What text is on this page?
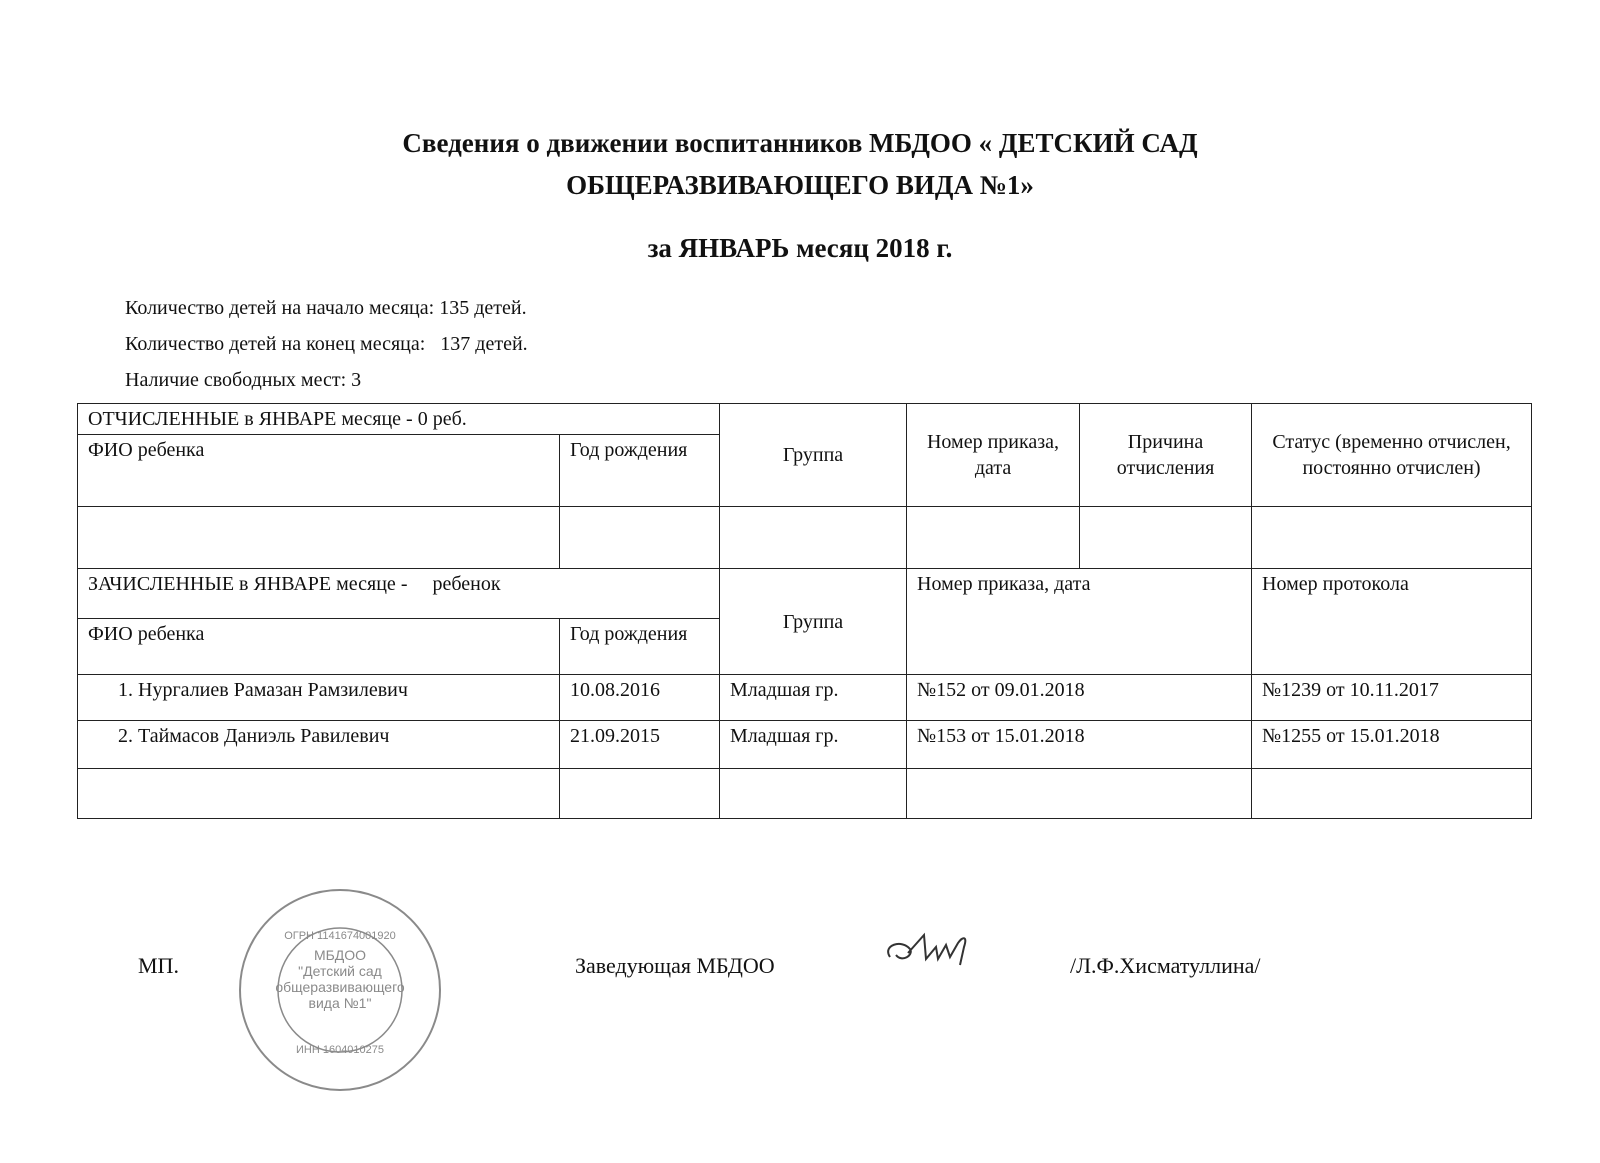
Сведения о движении воспитанников МБДОО « ДЕТСКИЙ САД
ОБЩЕРАЗВИВАЮЩЕГО ВИДА №1»
за ЯНВАРЬ месяц 2018 г.
Количество детей на начало месяца: 135 детей.
Количество детей на конец месяца:   137 детей.
Наличие свободных мест: 3
ОТЧИСЛЕННЫЕ в ЯНВАРЕ месяце - 0 реб.		Группа	Номер приказа, дата	Причина отчисления	Статус (временно отчислен, постоянно отчислен)
ФИО ребенка	Год рождения				

ЗАЧИСЛЕННЫЕ в ЯНВАРЕ месяце -     ребенок		Группа	Номер приказа, дата		Номер протокола
ФИО ребенка	Год рождения				
1. Нургалиев Рамазан Рамзилевич	10.08.2016	Младшая гр.	№152 от 09.01.2018		№1239 от 10.11.2017
2. Таймасов Даниэль Равилевич	21.09.2015	Младшая гр.	№153 от 15.01.2018		№1255 от 15.01.2018

МП.	Заведующая МБДОО	/Л.Ф.Хисматуллина/
ОГРН 1141674001920
ИНН 1604010275
МБДОО
"Детский сад
общеразвивающего
вида №1"
